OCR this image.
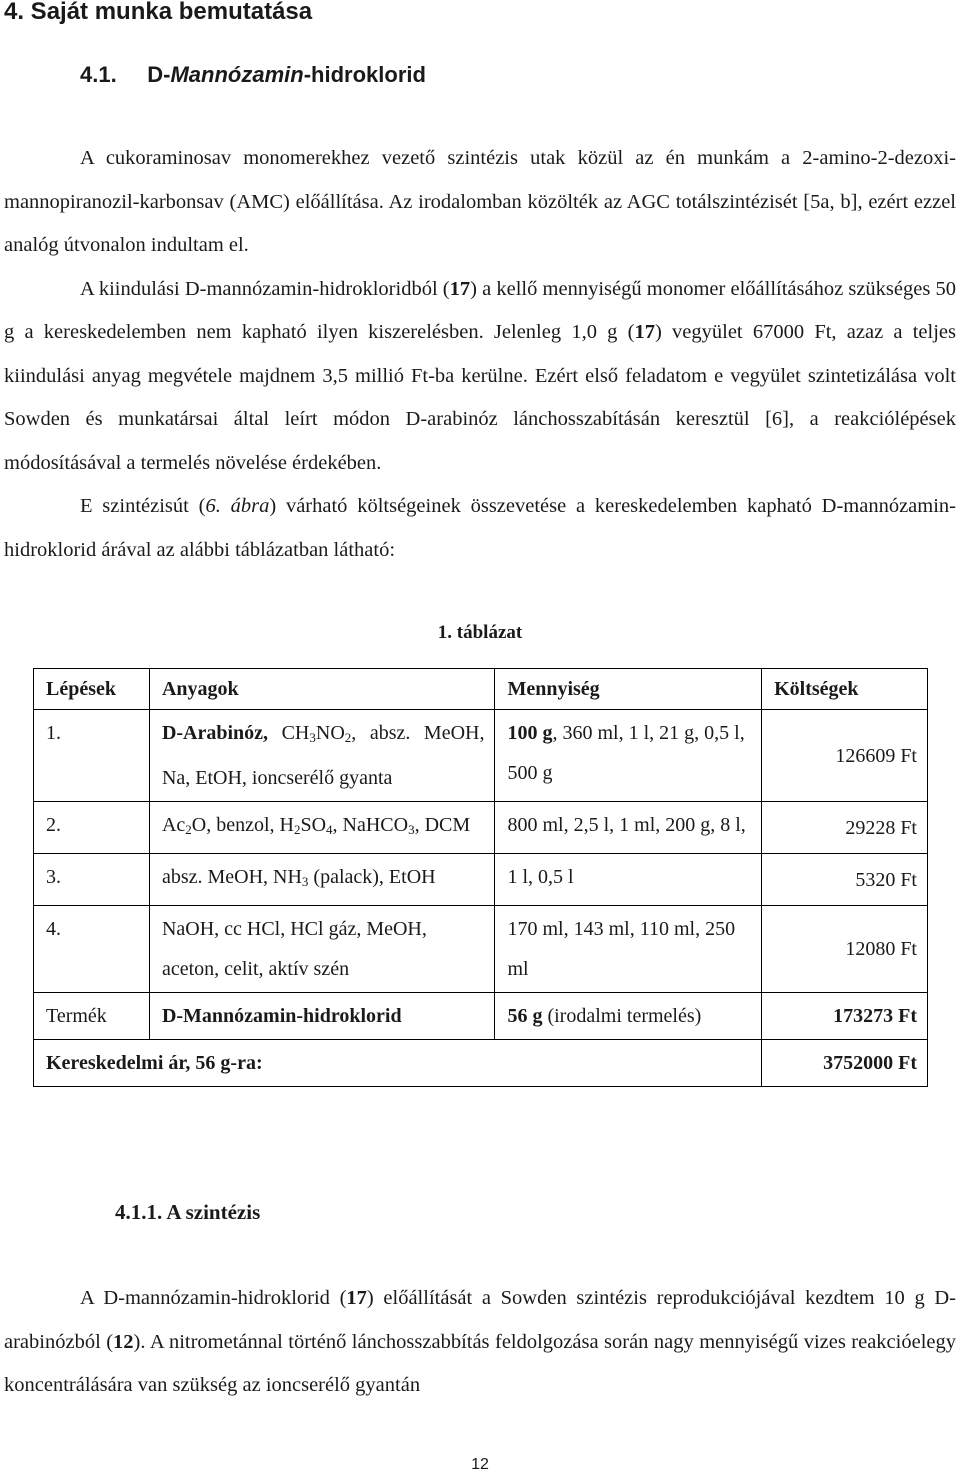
4. Saját munka bemutatása
4.1. D-Mannózamin-hidroklorid

A cukoraminosav monomerekhez vezető szintézis utak közül az én munkám a 2-amino-2-dezoxi-mannopiranozil-karbonsav (AMC) előállítása. Az irodalomban közölték az AGC totálszintézisét [5a, b], ezért ezzel analóg útvonalon indultam el.

A kiindulási D-mannózamin-hidrokloridból (17) a kellő mennyiségű monomer előállításához szükséges 50 g a kereskedelemben nem kapható ilyen kiszerelésben. Jelenleg 1,0 g (17) vegyület 67000 Ft, azaz a teljes kiindulási anyag megvétele majdnem 3,5 millió Ft-ba kerülne. Ezért első feladatom e vegyület szintetizálása volt Sowden és munkatársai által leírt módon D-arabinóz lánchosszabításán keresztül [6], a reakciólépések módosításával a termelés növelése érdekében.

E szintézisút (6. ábra) várható költségeinek összevetése a kereskedelemben kapható D-mannózamin-hidroklorid árával az alábbi táblázatban látható:

1. táblázat
Lépések	Anyagok	Mennyiség	Költségek
1.	D-Arabinóz, $CH_3NO_2$, absz. MeOH, Na, EtOH, ioncserélő gyanta	100 g, 360 ml, 1 l, 21 g, 0,5 l, 500 g	126609 Ft
2.	$Ac_2O$, benzol, $H_2SO_4$, NaHCO$_3$, DCM	800 ml, 2,5 l, 1 ml, 200 g, 8 l,	29228 Ft
3.	absz. MeOH, $NH_3$ (palack), EtOH	1 l, 0,5 l	5320 Ft
4.	NaOH, cc HCl, HCl gáz, MeOH, aceton, celit, aktív szén	170 ml, 143 ml, 110 ml, 250 ml	12080 Ft
Termék	D-Mannózamin-hidroklorid	56 g (irodalmi termelés)	173273 Ft
Kereskedelmi ár, 56 g-ra:			3752000 Ft
4.1.1. A szintézis

A D-mannózamin-hidroklorid (17) előállítását a Sowden szintézis reprodukciójával kezdtem 10 g D-arabinózból (12). A nitrometánnal történő lánchosszabbítás feldolgozása során nagy mennyiségű vizes reakcióelegy koncentrálására van szükség az ioncserélő gyantán

12
